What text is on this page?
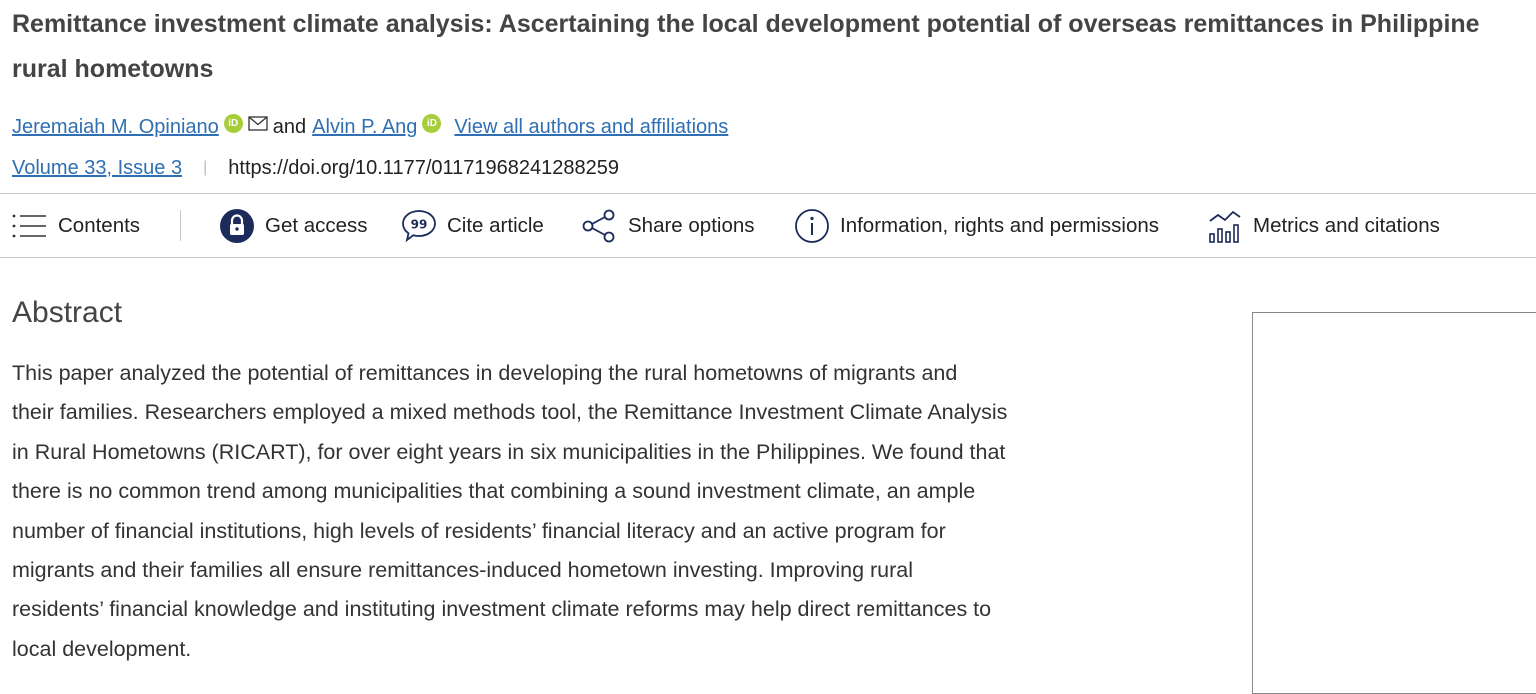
Remittance investment climate analysis: Ascertaining the local development potential of overseas remittances in Philippine rural hometowns
Jeremaiah M. Opiniano iD and Alvin P. Ang iD View all authors and affiliations
Volume 33, Issue 3 | https://doi.org/10.1177/01171968241288259
Contents	Get access	99 Cite article	Share options	Information, rights and permissions	Metrics and citations
Abstract
This paper analyzed the potential of remittances in developing the rural hometowns of migrants and
their families. Researchers employed a mixed methods tool, the Remittance Investment Climate Analysis
in Rural Hometowns (RICART), for over eight years in six municipalities in the Philippines. We found that
there is no common trend among municipalities that combining a sound investment climate, an ample
number of financial institutions, high levels of residents’ financial literacy and an active program for
migrants and their families all ensure remittances-induced hometown investing. Improving rural
residents’ financial knowledge and instituting investment climate reforms may help direct remittances to
local development.
